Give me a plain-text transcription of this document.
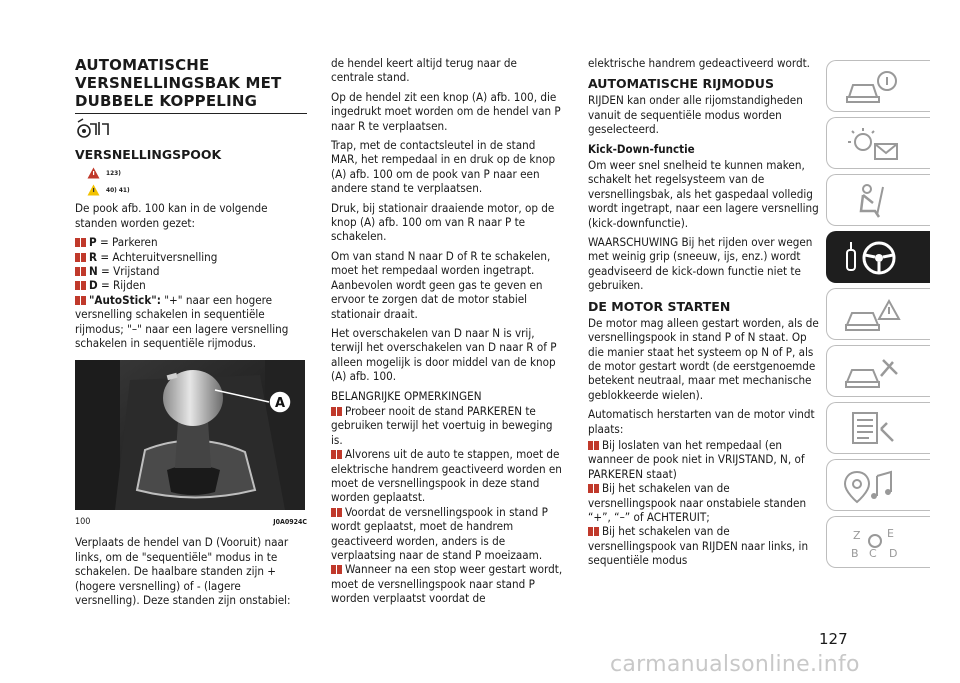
AUTOMATISCHE VERSNELLINGSBAK MET DUBBELE KOPPELING
VERSNELLINGSPOOK
123)
40) 41)

De pook afb. 100 kan in de volgende standen worden gezet:

P = Parkeren
R = Achteruitversnelling
N = Vrijstand
D = Rijden
"AutoStick": "+" naar een hogere versnelling schakelen in sequentiële rijmodus; "–" naar een lagere versnelling schakelen in sequentiële rijmodus.
A
100	J0A0924C

Verplaats de hendel van D (Vooruit) naar links, om de "sequentiële" modus in te schakelen. De haalbare standen zijn + (hogere versnelling) of - (lagere versnelling). Deze standen zijn onstabiel:

de hendel keert altijd terug naar de centrale stand.

Op de hendel zit een knop (A) afb. 100, die ingedrukt moet worden om de hendel van P naar R te verplaatsen.

Trap, met de contactsleutel in de stand MAR, het rempedaal in en druk op de knop (A) afb. 100 om de pook van P naar een andere stand te verplaatsen.

Druk, bij stationair draaiende motor, op de knop (A) afb. 100 om van R naar P te schakelen.

Om van stand N naar D of R te schakelen, moet het rempedaal worden ingetrapt. Aanbevolen wordt geen gas te geven en ervoor te zorgen dat de motor stabiel stationair draait.

Het overschakelen van D naar N is vrij, terwijl het overschakelen van D naar R of P alleen mogelijk is door middel van de knop (A) afb. 100.

BELANGRIJKE OPMERKINGEN
Probeer nooit de stand PARKEREN te gebruiken terwijl het voertuig in beweging is.
Alvorens uit de auto te stappen, moet de elektrische handrem geactiveerd worden en moet de versnellingspook in deze stand worden geplaatst.
Voordat de versnellingspook in stand P wordt geplaatst, moet de handrem geactiveerd worden, anders is de verplaatsing naar de stand P moeizaam.
Wanneer na een stop weer gestart wordt, moet de versnellingspook naar stand P worden verplaatst voordat de

elektrische handrem gedeactiveerd wordt.

AUTOMATISCHE RIJMODUS

RIJDEN kan onder alle rijomstandigheden vanuit de sequentiële modus worden geselecteerd.

Kick-Down-functie

Om weer snel snelheid te kunnen maken, schakelt het regelsysteem van de versnellingsbak, als het gaspedaal volledig wordt ingetrapt, naar een lagere versnelling (kick-downfunctie).

WAARSCHUWING Bij het rijden over wegen met weinig grip (sneeuw, ijs, enz.) wordt geadviseerd de kick-down functie niet te gebruiken.

DE MOTOR STARTEN

De motor mag alleen gestart worden, als de versnellingspook in stand P of N staat. Op die manier staat het systeem op N of P, als de motor gestart wordt (de eerstgenoemde betekent neutraal, maar met mechanische geblokkeerde wielen).

Automatisch herstarten van de motor vindt plaats:

Bij loslaten van het rempedaal (en wanneer de pook niet in VRIJSTAND, N, of PARKEREN staat)
Bij het schakelen van de versnellingspook naar onstabiele standen “+”, “–” of ACHTERUIT;
Bij het schakelen van de versnellingspook van RIJDEN naar links, in sequentiële modus
127
carmanualsonline.info
Z E
B C D
